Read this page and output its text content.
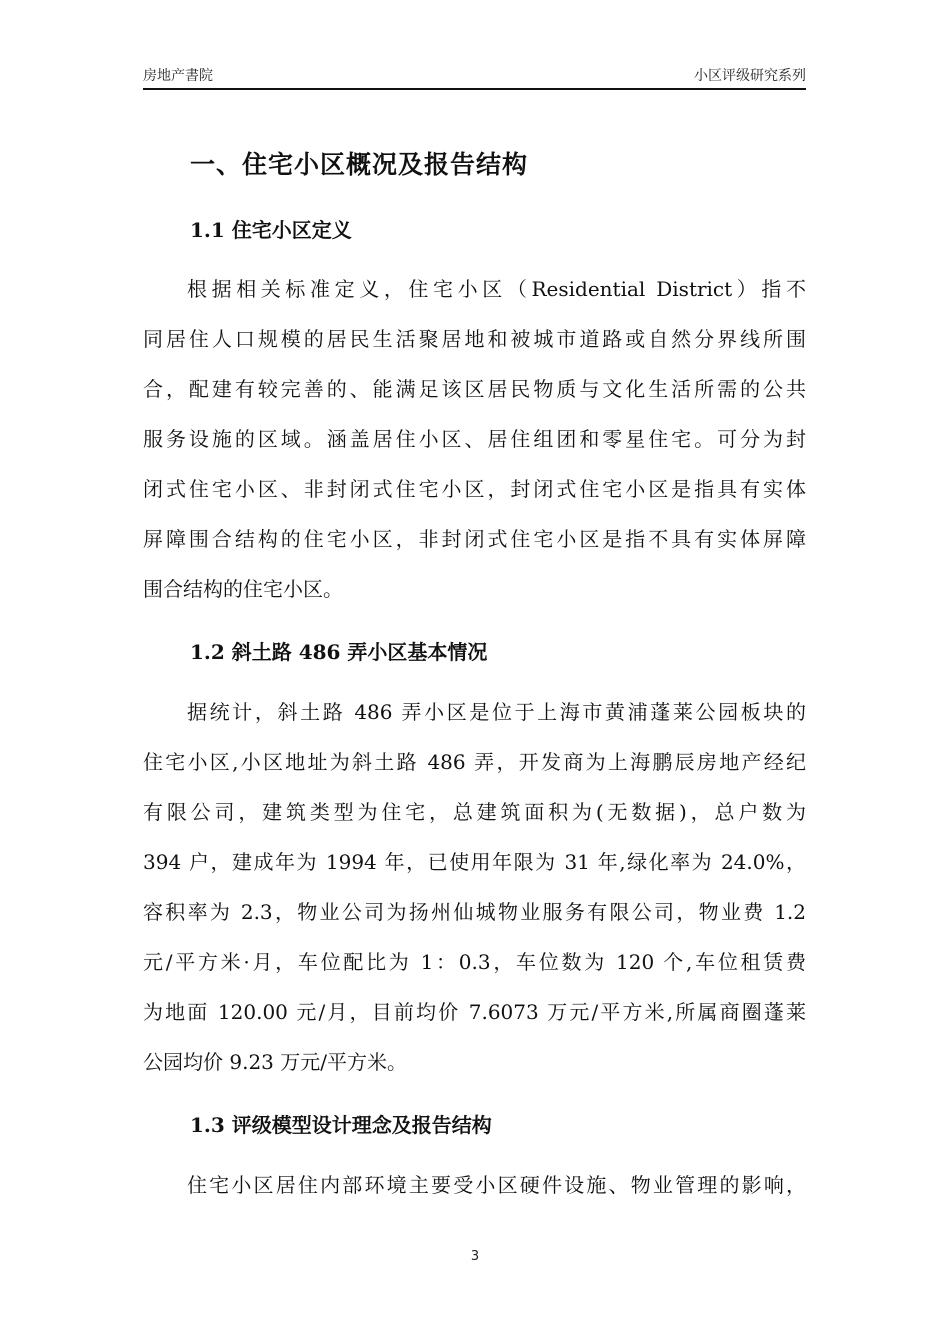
房地产書院	小区评级研究系列
一、住宅小区概况及报告结构
1.1 住宅小区定义
根据相关标准定义，住宅小区（Residential District）指不
同居住人口规模的居民生活聚居地和被城市道路或自然分界线所围
合，配建有较完善的、能满足该区居民物质与文化生活所需的公共
服务设施的区域。涵盖居住小区、居住组团和零星住宅。可分为封
闭式住宅小区、非封闭式住宅小区，封闭式住宅小区是指具有实体
屏障围合结构的住宅小区，非封闭式住宅小区是指不具有实体屏障
围合结构的住宅小区。
1.2 斜土路 486 弄小区基本情况
据统计，斜土路 486 弄小区是位于上海市黄浦蓬莱公园板块的
住宅小区,小区地址为斜土路 486 弄，开发商为上海鹏辰房地产经纪
有限公司，建筑类型为住宅，总建筑面积为(无数据)，总户数为
394 户，建成年为 1994 年，已使用年限为 31 年,绿化率为 24.0%，
容积率为 2.3，物业公司为扬州仙城物业服务有限公司，物业费 1.2
元/平方米·月，车位配比为 1：0.3，车位数为 120 个,车位租赁费
为地面 120.00 元/月，目前均价 7.6073 万元/平方米,所属商圈蓬莱
公园均价 9.23 万元/平方米。
1.3 评级模型设计理念及报告结构
住宅小区居住内部环境主要受小区硬件设施、物业管理的影响，
3
